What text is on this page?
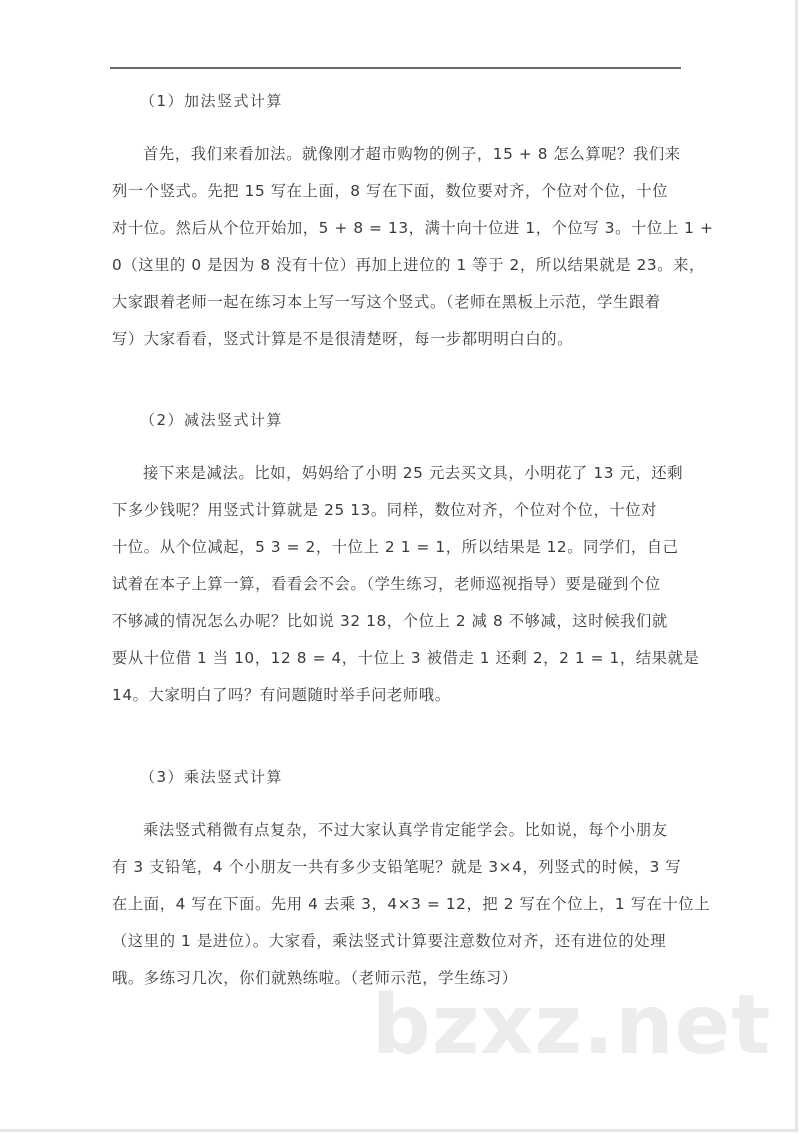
（1）加法竖式计算
首先，我们来看加法。就像刚才超市购物的例子，15 + 8 怎么算呢？我们来
列一个竖式。先把 15 写在上面，8 写在下面，数位要对齐，个位对个位，十位
对十位。然后从个位开始加，5 + 8 = 13，满十向十位进 1，个位写 3。十位上 1 +
0（这里的 0 是因为 8 没有十位）再加上进位的 1 等于 2，所以结果就是 23。来，
大家跟着老师一起在练习本上写一写这个竖式。（老师在黑板上示范，学生跟着
写）大家看看，竖式计算是不是很清楚呀，每一步都明明白白的。
（2）减法竖式计算
接下来是减法。比如，妈妈给了小明 25 元去买文具，小明花了 13 元，还剩
下多少钱呢？用竖式计算就是 25 13。同样，数位对齐，个位对个位，十位对
十位。从个位减起，5 3 = 2，十位上 2 1 = 1，所以结果是 12。同学们，自己
试着在本子上算一算，看看会不会。（学生练习，老师巡视指导）要是碰到个位
不够减的情况怎么办呢？比如说 32 18，个位上 2 减 8 不够减，这时候我们就
要从十位借 1 当 10，12 8 = 4，十位上 3 被借走 1 还剩 2，2 1 = 1，结果就是
14。大家明白了吗？有问题随时举手问老师哦。
（3）乘法竖式计算
乘法竖式稍微有点复杂，不过大家认真学肯定能学会。比如说，每个小朋友
有 3 支铅笔，4 个小朋友一共有多少支铅笔呢？就是 3×4，列竖式的时候，3 写
在上面，4 写在下面。先用 4 去乘 3，4×3 = 12，把 2 写在个位上，1 写在十位上
（这里的 1 是进位）。大家看，乘法竖式计算要注意数位对齐，还有进位的处理
哦。多练习几次，你们就熟练啦。（老师示范，学生练习）
bzxz.net
